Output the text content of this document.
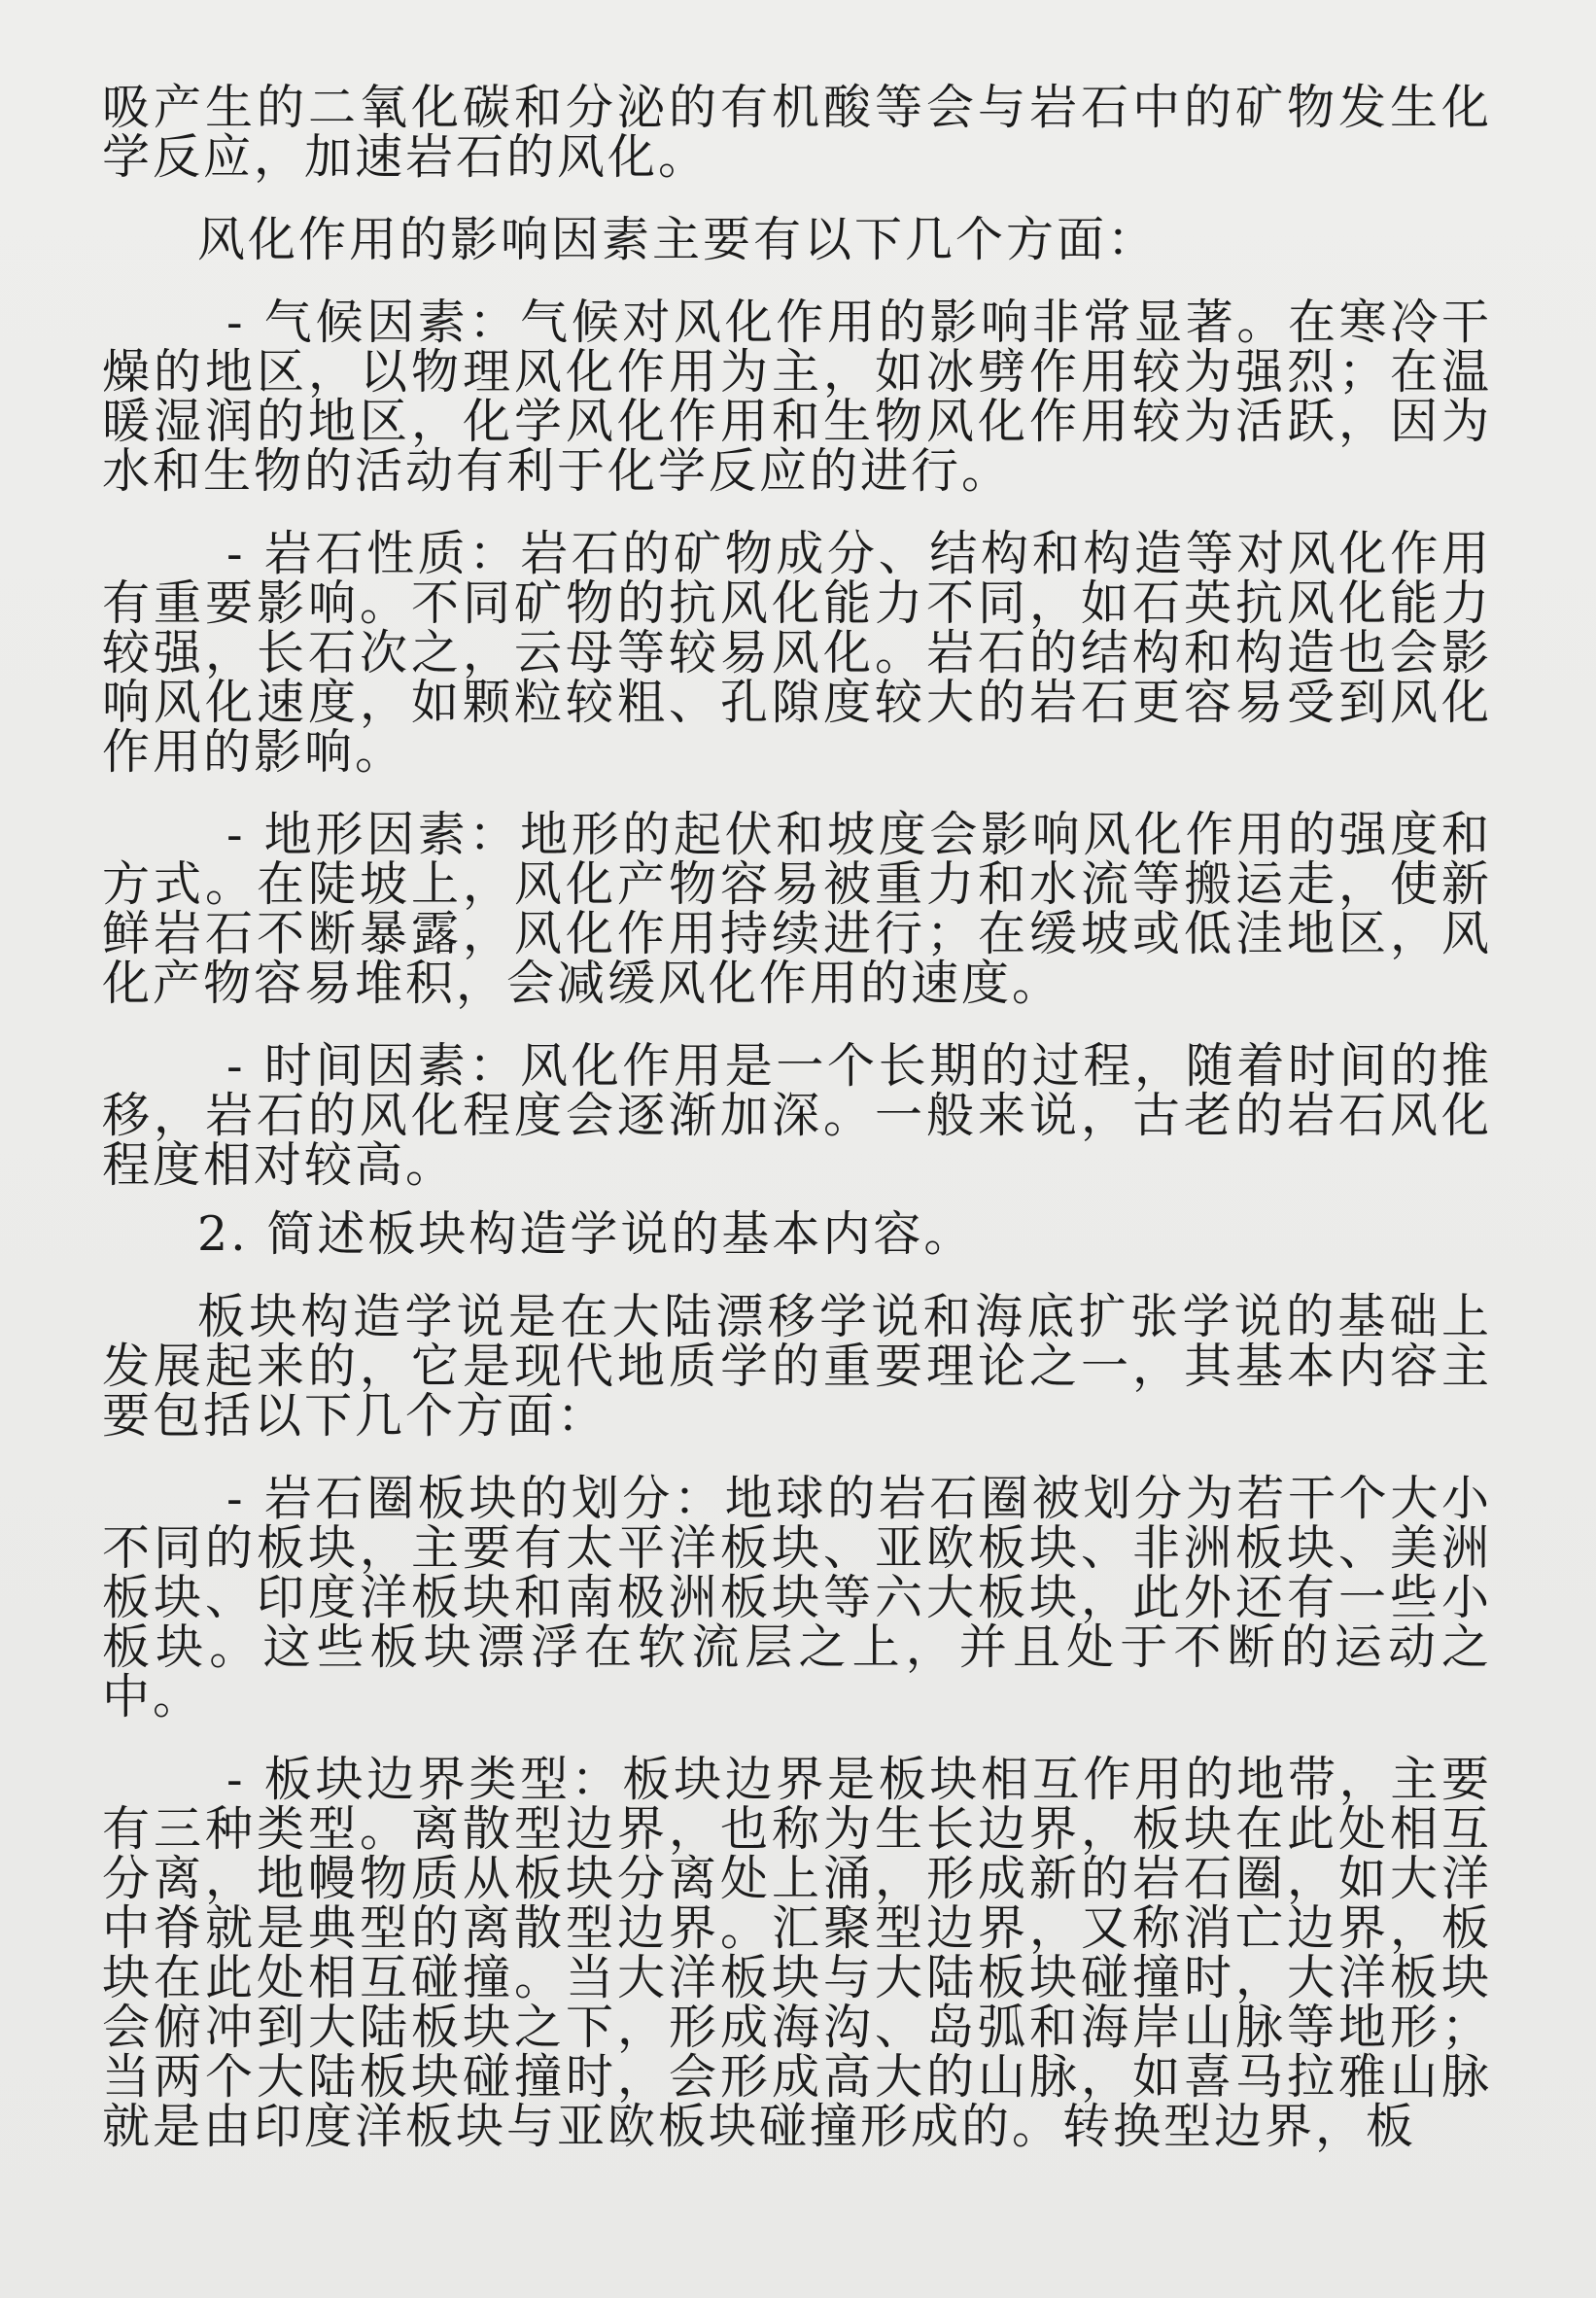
吸产生的二氧化碳和分泌的有机酸等会与岩石中的矿物发生化学反应，加速岩石的风化。

风化作用的影响因素主要有以下几个方面：

- 气候因素：气候对风化作用的影响非常显著。在寒冷干燥的地区，以物理风化作用为主，如冰劈作用较为强烈；在温暖湿润的地区，化学风化作用和生物风化作用较为活跃，因为水和生物的活动有利于化学反应的进行。

- 岩石性质：岩石的矿物成分、结构和构造等对风化作用有重要影响。不同矿物的抗风化能力不同，如石英抗风化能力较强，长石次之，云母等较易风化。岩石的结构和构造也会影响风化速度，如颗粒较粗、孔隙度较大的岩石更容易受到风化作用的影响。

- 地形因素：地形的起伏和坡度会影响风化作用的强度和方式。在陡坡上，风化产物容易被重力和水流等搬运走，使新鲜岩石不断暴露，风化作用持续进行；在缓坡或低洼地区，风化产物容易堆积，会减缓风化作用的速度。

- 时间因素：风化作用是一个长期的过程，随着时间的推移，岩石的风化程度会逐渐加深。一般来说，古老的岩石风化程度相对较高。

2. 简述板块构造学说的基本内容。

板块构造学说是在大陆漂移学说和海底扩张学说的基础上发展起来的，它是现代地质学的重要理论之一，其基本内容主要包括以下几个方面：

- 岩石圈板块的划分：地球的岩石圈被划分为若干个大小不同的板块，主要有太平洋板块、亚欧板块、非洲板块、美洲板块、印度洋板块和南极洲板块等六大板块，此外还有一些小板块。这些板块漂浮在软流层之上，并且处于不断的运动之中。

- 板块边界类型：板块边界是板块相互作用的地带，主要有三种类型。离散型边界，也称为生长边界，板块在此处相互分离，地幔物质从板块分离处上涌，形成新的岩石圈，如大洋中脊就是典型的离散型边界。汇聚型边界，又称消亡边界，板块在此处相互碰撞。当大洋板块与大陆板块碰撞时，大洋板块会俯冲到大陆板块之下，形成海沟、岛弧和海岸山脉等地形；当两个大陆板块碰撞时，会形成高大的山脉，如喜马拉雅山脉就是由印度洋板块与亚欧板块碰撞形成的。转换型边界，板
